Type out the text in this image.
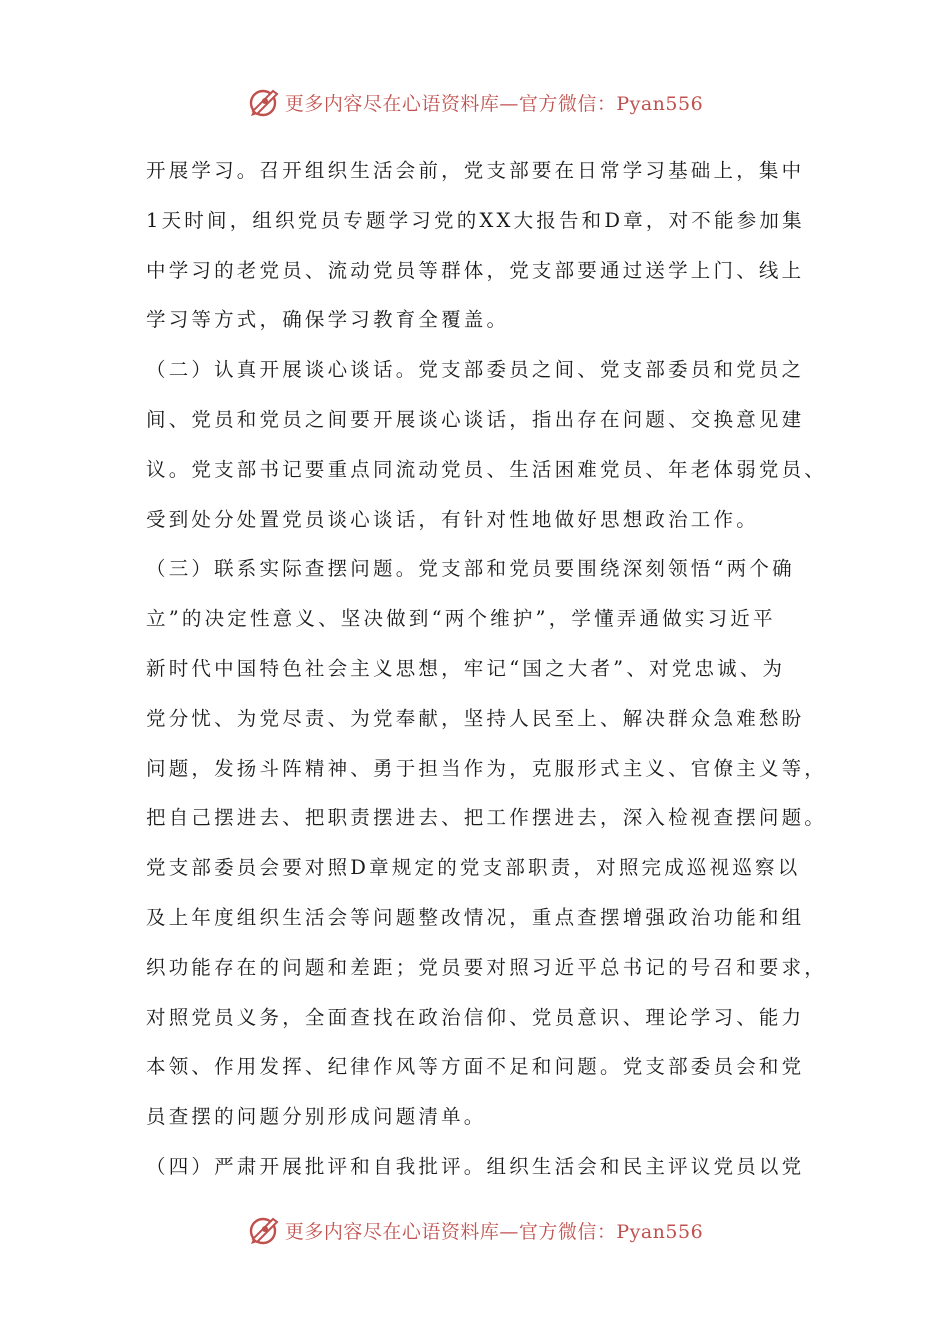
更多内容尽在心语资料库—官方微信：Pyan556
开展学习。召开组织生活会前，党支部要在日常学习基础上，集中
1天时间，组织党员专题学习党的XX大报告和D章，对不能参加集
中学习的老党员、流动党员等群体，党支部要通过送学上门、线上
学习等方式，确保学习教育全覆盖。
（二）认真开展谈心谈话。党支部委员之间、党支部委员和党员之
间、党员和党员之间要开展谈心谈话，指出存在问题、交换意见建
议。党支部书记要重点同流动党员、生活困难党员、年老体弱党员、
受到处分处置党员谈心谈话，有针对性地做好思想政治工作。
（三）联系实际查摆问题。党支部和党员要围绕深刻领悟“两个确
立”的决定性意义、坚决做到“两个维护”，学懂弄通做实习近平
新时代中国特色社会主义思想，牢记“国之大者”、对党忠诚、为
党分忧、为党尽责、为党奉献，坚持人民至上、解决群众急难愁盼
问题，发扬斗阵精神、勇于担当作为，克服形式主义、官僚主义等，
把自己摆进去、把职责摆进去、把工作摆进去，深入检视查摆问题。
党支部委员会要对照D章规定的党支部职责，对照完成巡视巡察以
及上年度组织生活会等问题整改情况，重点查摆增强政治功能和组
织功能存在的问题和差距；党员要对照习近平总书记的号召和要求，
对照党员义务，全面查找在政治信仰、党员意识、理论学习、能力
本领、作用发挥、纪律作风等方面不足和问题。党支部委员会和党
员查摆的问题分别形成问题清单。
（四）严肃开展批评和自我批评。组织生活会和民主评议党员以党
更多内容尽在心语资料库—官方微信：Pyan556
